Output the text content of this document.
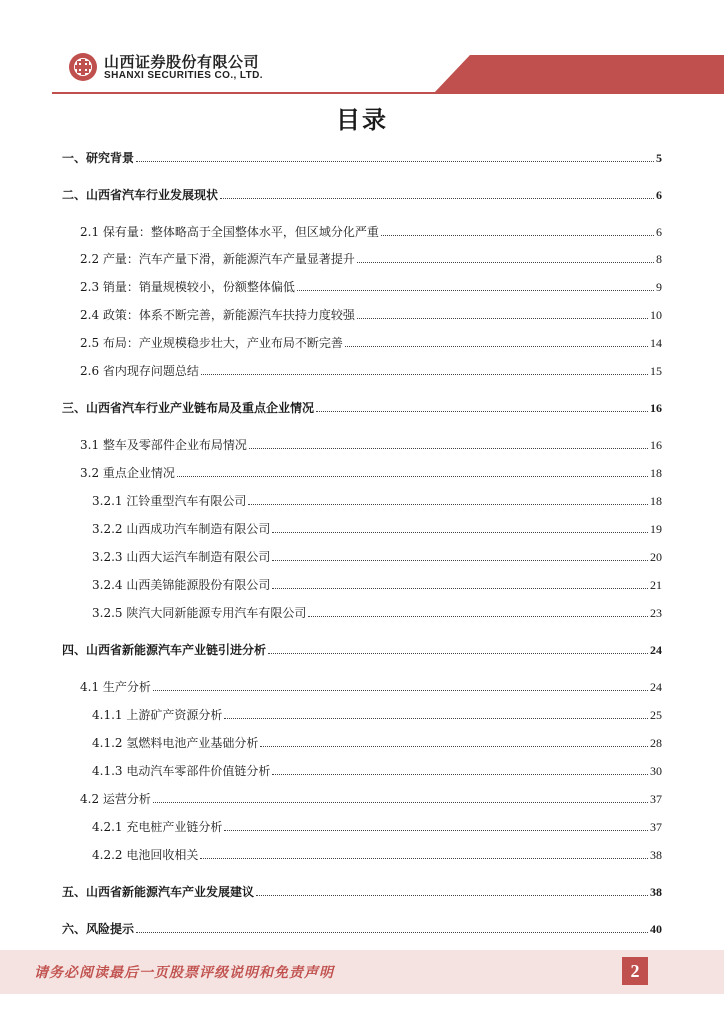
山西证券股份有限公司
SHANXI SECURITIES CO., LTD.
证券研究报告：行业研究/深度报告
目录
一、研究背景	5
二、山西省汽车行业发展现状	6
2.1 保有量：整体略高于全国整体水平，但区域分化严重	6
2.2 产量：汽车产量下滑，新能源汽车产量显著提升	8
2.3 销量：销量规模较小，份额整体偏低	9
2.4 政策：体系不断完善，新能源汽车扶持力度较强	10
2.5 布局：产业规模稳步壮大，产业布局不断完善	14
2.6 省内现存问题总结	15
三、山西省汽车行业产业链布局及重点企业情况	16
3.1 整车及零部件企业布局情况	16
3.2 重点企业情况	18
3.2.1 江铃重型汽车有限公司	18
3.2.2 山西成功汽车制造有限公司	19
3.2.3 山西大运汽车制造有限公司	20
3.2.4 山西美锦能源股份有限公司	21
3.2.5 陕汽大同新能源专用汽车有限公司	23
四、山西省新能源汽车产业链引进分析	24
4.1 生产分析	24
4.1.1 上游矿产资源分析	25
4.1.2 氢燃料电池产业基础分析	28
4.1.3 电动汽车零部件价值链分析	30
4.2 运营分析	37
4.2.1 充电桩产业链分析	37
4.2.2 电池回收相关	38
五、山西省新能源汽车产业发展建议	38
六、风险提示	40
请务必阅读最后一页股票评级说明和免责声明	2
